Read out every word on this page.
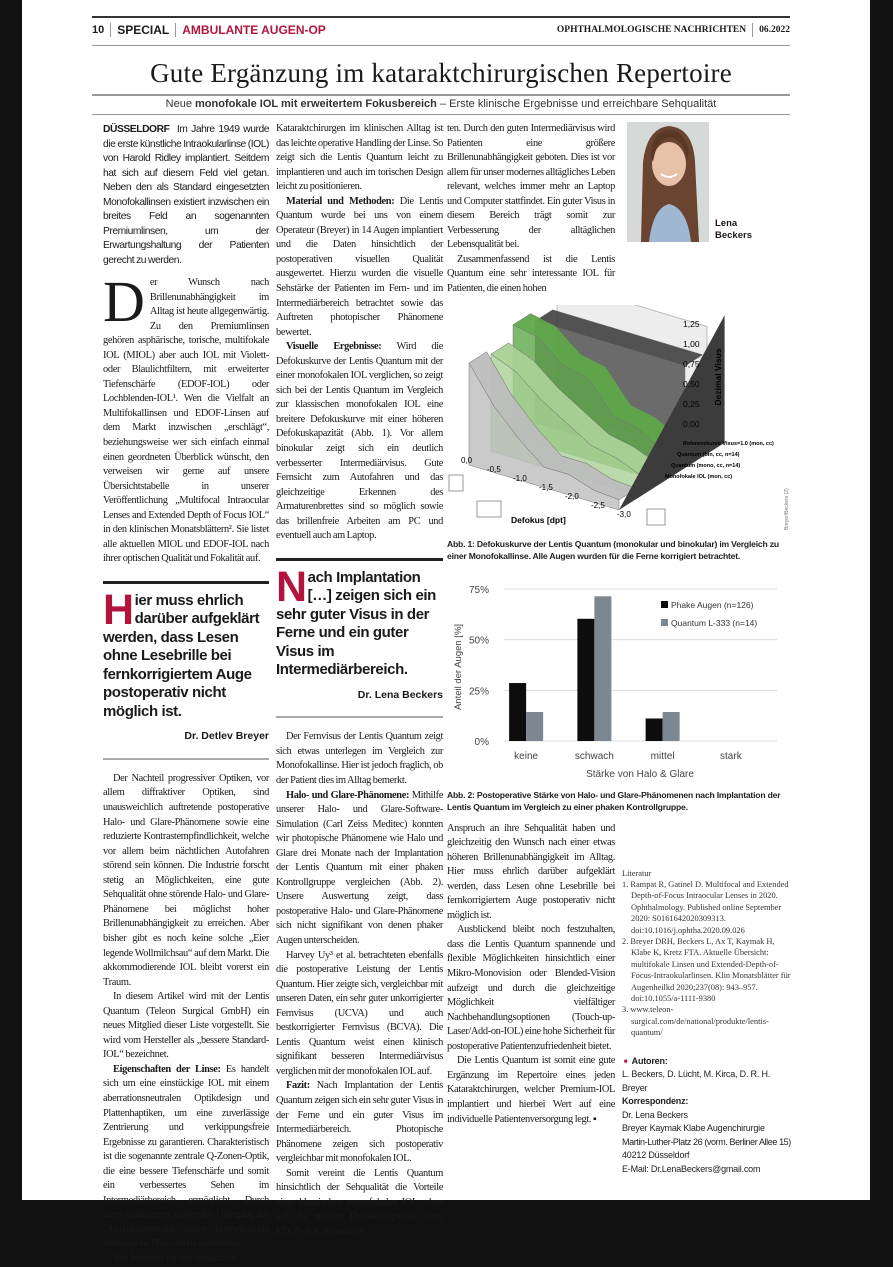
10 SPECIAL AMBULANTE AUGEN-OP	OPHTHALMOLOGISCHE NACHRICHTEN 06.2022
Gute Ergänzung im kataraktchirurgischen Repertoire
Neue monofokale IOL mit erweitertem Fokusbereich – Erste klinische Ergebnisse und erreichbare Sehqualität
DÜSSELDORF Im Jahre 1949 wurde die erste künstliche Intraokularlinse (IOL) von Harold Ridley implantiert. Seitdem hat sich auf diesem Feld viel getan. Neben den als Standard eingesetzten Monofokallinsen existiert inzwischen ein breites Feld an sogenannten Premiumlinsen, um der Erwartungshaltung der Patienten gerecht zu werden.
Der Wunsch nach Brillenunabhängigkeit im Alltag ist heute allgegenwärtig. Zu den Premiumlinsen gehören asphärische, torische, multifokale IOL (MIOL) aber auch IOL mit Violett- oder Blaulichtfiltern, mit erweiterter Tiefenschärfe (EDOF-IOL) oder Lochblenden-IOL¹. Wen die Vielfalt an Multifokallinsen und EDOF-Linsen auf dem Markt inzwischen „erschlägt“, beziehungsweise wer sich einfach einmal einen geordneten Überblick wünscht, den verweisen wir gerne auf unsere Übersichtstabelle in unserer Veröffentlichung „Multifocal Intraocular Lenses and Extended Depth of Focus IOL“ in den klinischen Monatsblättern². Sie listet alle aktuellen MIOL und EDOF-IOL nach ihrer optischen Qualität und Fokalität auf.
Hier muss ehrlich darüber aufgeklärt werden, dass Lesen ohne Lesebrille bei fernkorrigiertem Auge postoperativ nicht möglich ist.
Dr. Detlev Breyer

Der Nachteil progressiver Optiken, vor allem diffraktiver Optiken, sind unausweichlich auftretende postoperative Halo- und Glare-Phänomene sowie eine reduzierte Kontrastempfindlichkeit, welche vor allem beim nächtlichen Autofahren störend sein können. Die Industrie forscht stetig an Möglichkeiten, eine gute Sehqualität ohne störende Halo- und Glare-Phänomene bei möglichst hoher Brillenunabhängigkeit zu erreichen. Aber bisher gibt es noch keine solche „Eier legende Wollmilchsau“ auf dem Markt. Die akkommodierende IOL bleibt vorerst ein Traum.

In diesem Artikel wird mit der Lentis Quantum (Teleon Surgical GmbH) ein neues Mitglied dieser Liste vorgestellt. Sie wird vom Hersteller als „bessere Standard-IOL“ bezeichnet.

Eigenschaften der Linse: Es handelt sich um eine einstückige IOL mit einem aberrationsneutralen Optikdesign und Plattenhaptiken, um eine zuverlässige Zentrierung und verkippungsfreie Ergebnisse zu garantieren. Charakteristisch ist die sogenannte zentrale Q-Zonen-Optik, die eine bessere Tiefenschärfe und somit ein verbessertes Sehen im Intermediärbereich ermöglicht. Durch einen stufenlosen, gleitenden Übergang des Oberflächenprofils sollen unerwünschte photopische Phänomene ausbleiben.

Von Interesse für den refraktiven

Kataraktchirurgen im klinischen Alltag ist das leichte operative Handling der Linse. So zeigt sich die Lentis Quantum leicht zu implantieren und auch im torischen Design leicht zu positionieren.

Material und Methoden: Die Lentis Quantum wurde bei uns von einem Operateur (Breyer) in 14 Augen implantiert und die Daten hinsichtlich der postoperativen visuellen Qualität ausgewertet. Hierzu wurden die visuelle Sehstärke der Patienten im Fern- und im Intermediärbereich betrachtet sowie das Auftreten photopischer Phänomene bewertet.

Visuelle Ergebnisse: Wird die Defokuskurve der Lentis Quantum mit der einer monofokalen IOL verglichen, so zeigt sich bei der Lentis Quantum im Vergleich zur klassischen monofokalen IOL eine breitere Defokuskurve mit einer höheren Defokuskapazität (Abb. 1). Vor allem binokular zeigt sich ein deutlich verbesserter Intermediärvisus. Gute Fernsicht zum Autofahren und das gleichzeitige Erkennen des Armaturenbrettes sind so möglich sowie das brillenfreie Arbeiten am PC und eventuell auch am Laptop.

Nach Implantation […] zeigen sich ein sehr guter Visus in der Ferne und ein guter Visus im Intermediärbereich.
Dr. Lena Beckers

Der Fernvisus der Lentis Quantum zeigt sich etwas unterlegen im Vergleich zur Monofokallinse. Hier ist jedoch fraglich, ob der Patient dies im Alltag bemerkt.

Halo- und Glare-Phänomene: Mithilfe unserer Halo- und Glare-Software-Simulation (Carl Zeiss Meditec) konnten wir photopische Phänomene wie Halo und Glare drei Monate nach der Implantation der Lentis Quantum mit einer phaken Kontrollgruppe vergleichen (Abb. 2). Unsere Auswertung zeigt, dass postoperative Halo- und Glare-Phänomene sich nicht signifikant von denen phaker Augen unterscheiden.

Harvey Uy³ et al. betrachteten ebenfalls die postoperative Leistung der Lentis Quantum. Hier zeigte sich, vergleichbar mit unseren Daten, ein sehr guter unkorrigierter Fernvisus (UCVA) und auch bestkorrigierter Fernvisus (BCVA). Die Lentis Quantum weist einen klinisch signifikant besseren Intermediärvisus verglichen mit der monofokalen IOL auf.

Fazit: Nach Implantation der Lentis Quantum zeigen sich ein sehr guter Visus in der Ferne und ein guter Visus im Intermediärbereich. Photopische Phänomene zeigen sich postoperativ vergleichbar mit monofokalen IOL.

Somit vereint die Lentis Quantum hinsichtlich der Sehqualität die Vorteile einer klassischen monofokalen IOL, ohne auf die erhöhte Defokuskapazität einer EDOF-IOL zu verzich-

ten. Durch den guten Intermediärvisus wird Patienten eine größere Brillenunabhängigkeit geboten. Dies ist vor allem für unser modernes alltägliches Leben relevant, welches immer mehr an Laptop und Computer stattfindet. Ein guter Visus in diesem Bereich trägt somit zur Verbesserung der alltäglichen Lebensqualität bei.

Zusammenfassend ist die Lentis Quantum eine sehr interessante IOL für Patienten, die einen hohen

Lena
Beckers
1,25
1,00
0,75
0,50
0,25
0,00
Dezimal Visus
0,0
-0,5
-1,0
-1,5
-2,0
-2,5
-3,0
Defokus [dpt]
Referenzkurve Visus=1.0 (mon, cc)
Quantum (bin, cc, n=14)
Quantum (mono, cc, n=14)
Monofokale IOL (mon, cc)
Breyer/Beckers (2)
Abb. 1: Defokuskurve der Lentis Quantum (monokular und binokular) im Vergleich zu einer Monofokallinse. Alle Augen wurden für die Ferne korrigiert betrachtet.
0%
25%
50%
75%
Anteil der Augen [%]
keine	schwach	mittel	stark
Stärke von Halo & Glare
Phake Augen (n=126)
Quantum L-333 (n=14)
Abb. 2: Postoperative Stärke von Halo- und Glare-Phänomenen nach Implantation der Lentis Quantum im Vergleich zu einer phaken Kontrollgruppe.

Anspruch an ihre Sehqualität haben und gleichzeitig den Wunsch nach einer etwas höheren Brillenunabhängigkeit im Alltag. Hier muss ehrlich darüber aufgeklärt werden, dass Lesen ohne Lesebrille bei fernkorrigiertem Auge postoperativ nicht möglich ist.

Ausblickend bleibt noch festzuhalten, dass die Lentis Quantum spannende und flexible Möglichkeiten hinsichtlich einer Mikro-Monovision oder Blended-Vision aufzeigt und durch die gleichzeitige Möglichkeit vielfältiger Nachbehandlungsoptionen (Touch-up-Laser/Add-on-IOL) eine hohe Sicherheit für postoperative Patientenzufriedenheit bietet.

Die Lentis Quantum ist somit eine gute Ergänzung im Repertoire eines jeden Kataraktchirurgen, welcher Premium-IOL implantiert und hierbei Wert auf eine individuelle Patientenversorgung legt. ▪

Literatur
1. Rampat R, Gatinel D. Multifocal and Extended Depth-of-Focus Intraocular Lenses in 2020. Ophthalmology. Published online September 2020: S0161642020309313. doi:10.1016/j.ophtha.2020.09.026
2. Breyer DRH, Beckers L, Ax T, Kaymak H, Klabe K, Kretz FTA. Aktuelle Übersicht: multifokale Linsen und Extended-Depth-of-Focus-Intraokularlinsen. Klin Monatsblätter für Augenheilkd 2020;237(08): 943–957. doi:10.1055/a-1111-9380
3. www.teleon-surgical.com/de/national/produkte/lentis-quantum/
➧ Autoren:
L. Beckers, D. Lücht, M. Kirca, D. R. H. Breyer
Korrespondenz:
Dr. Lena Beckers
Breyer Kaymak Klabe Augenchirurgie
Martin-Luther-Platz 26 (vorm. Berliner Allee 15)
40212 Düsseldorf
E-Mail: Dr.LenaBeckers@gmail.com
